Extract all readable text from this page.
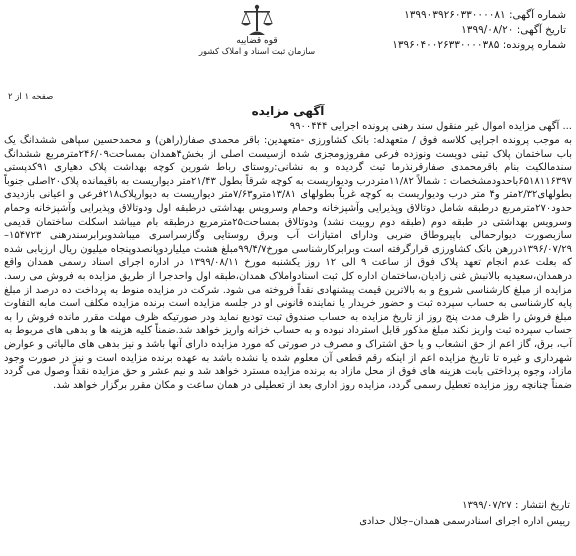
شماره آگهی: ۱۳۹۹۰۳۹۲۶۰۳۳۰۰۰۰۸۱
تاریخ آگهی: ۱۳۹۹/۰۸/۲۰
شماره پرونده: ۱۳۹۶۰۴۰۰۲۶۳۳۰۰۰۰۳۸۵
قوه قضاییه
سازمان ثبت اسناد و املاک کشور
صفحه ۱ از ۲
آگهی مزایده
... آگهی مزایده اموال غیر منقول سند رهنی پرونده اجرایی ۹۹۰۰۴۴۴
به موجب پرونده اجرایی کلاسه فوق / متعهدله: بانک کشاورزی -متعهدین: باقر محمدی صفار(راهن) و محمدحسین سپاهی ششدانگ یک باب ساختمان پلاک ثبتی دویست ونوزده فرعی مفروزومجزی شده ازسیست اصلی از بخش۴همدان بمساحت۲۴۶/۰۹مترمربع ششدانگ سندمالکیت بنام باقرمحمدی صفارقرنذرما ثبت گردیده و به نشانی:روستای رباط شورین کوچه بهداشت پلاک دهیاری ۹۱کدپستی ۶۵۱۸۱۱۶۳۹۷باحدودمشخصات : شمالاً ۱۱/۸۲متردرب ودیواریست به کوچه شرقاً بطول ۲۱/۴۳متر دیواریست به باقیمانده پلاک۲۰اصلی جنوباً بطولهای۲/۳۲متر و۴ متر درب ودیواریست به کوچه غرباً بطولهای ۱۳/۸۱مترو۷/۶۳متر دیواریست به دیوارپلاک۲۱۸فرعی و اعیانی بازدیدی حدود۲۷۰مترمربع درطبقه شامل دوتالاق وپذیرایی وآشپزخانه وحمام وسرویس بهداشتی درطبقه اول ودوتالاق وپذیرایی وآشپزخانه وحمام وسرویس بهداشتی در طبقه دوم (طبقه دوم روبیت نشد) ودوتالاق بمساحت۲۵مترمربع درطبقه بام میباشد اسکلت ساختمان قدیمی سازبصورت دیوارحمالی باپیروطاق ضربی ودارای امتیازات آب وبرق روستایی وگازسراسری میباشدوبرابرسندرهنی ۱۵۴۷۲۳–۱۳۹۶/۰۷/۲۹دررهن بانک کشاورزی قرارگرفته است وبرابرکارشناسی مورخ۹۹/۴/۷مبلغ هشت میلیاردوپانصدوپنجاه میلیون ریال ارزیابی شده که بعلت عدم انجام تعهد پلاک فوق از ساعت ۹ الی ۱۲ روز یکشنبه مورخ ۱۳۹۹/۰۸/۱۱ در اداره اجرای اسناد رسمی همدان واقع درهمدان،سعیدیه بالانبش غنی زادیان،ساختمان اداره کل ثبت اسنادواملاک همدان،طبقه اول واحدجرا از طریق مزایده به فروش می رسد. مزایده از مبلغ کارشناسی شروع و به بالاترین قیمت پیشنهادی نقداً فروخته می شود. شرکت در مزایده منوط به پرداخت ده درصد از مبلغ پایه کارشناسی به حساب سپرده ثبت و حضور خریدار یا نماینده قانونی او در جلسه مزایده است برنده مزایده مکلف است مابه التفاوت مبلغ فروش را ظرف مدت پنج روز از تاریخ مزایده به حساب صندوق ثبت تودیع نماید ودر صورتیکه ظرف مهلت مقرر مانده فروش را به حساب سپرده ثبت واریز نکند مبلغ مذکور قابل استرداد نبوده و به حساب خزانه واریز خواهد شد.ضمناً کلیه هزینه ها و بدهی های مربوط به آب، برق، گاز اعم از حق انشعاب و یا حق اشتراک و مصرف در صورتی که مورد مزایده دارای آنها باشد و نیز بدهی های مالیاتی و عوارض شهرداری و غیره تا تاریخ مزایده اعم از اینکه رقم قطعی آن معلوم شده یا نشده باشد به عهده برنده مزایده است و نیز در صورت وجود مازاد، وجوه پرداختی بابت هزینه های فوق از محل مازاد به برنده مزایده مسترد خواهد شد و نیم عشر و حق مزایده نقداً وصول می گردد ضمناً چنانچه روز مزایده تعطیل رسمی گردد، مزایده روز اداری بعد از تعطیلی در همان ساعت و مکان مقرر برگزار خواهد شد.
تاریخ انتشار : ۱۳۹۹/۰۷/۲۷
رییس اداره اجرای اسنادرسمی همدان–جلال حدادی
